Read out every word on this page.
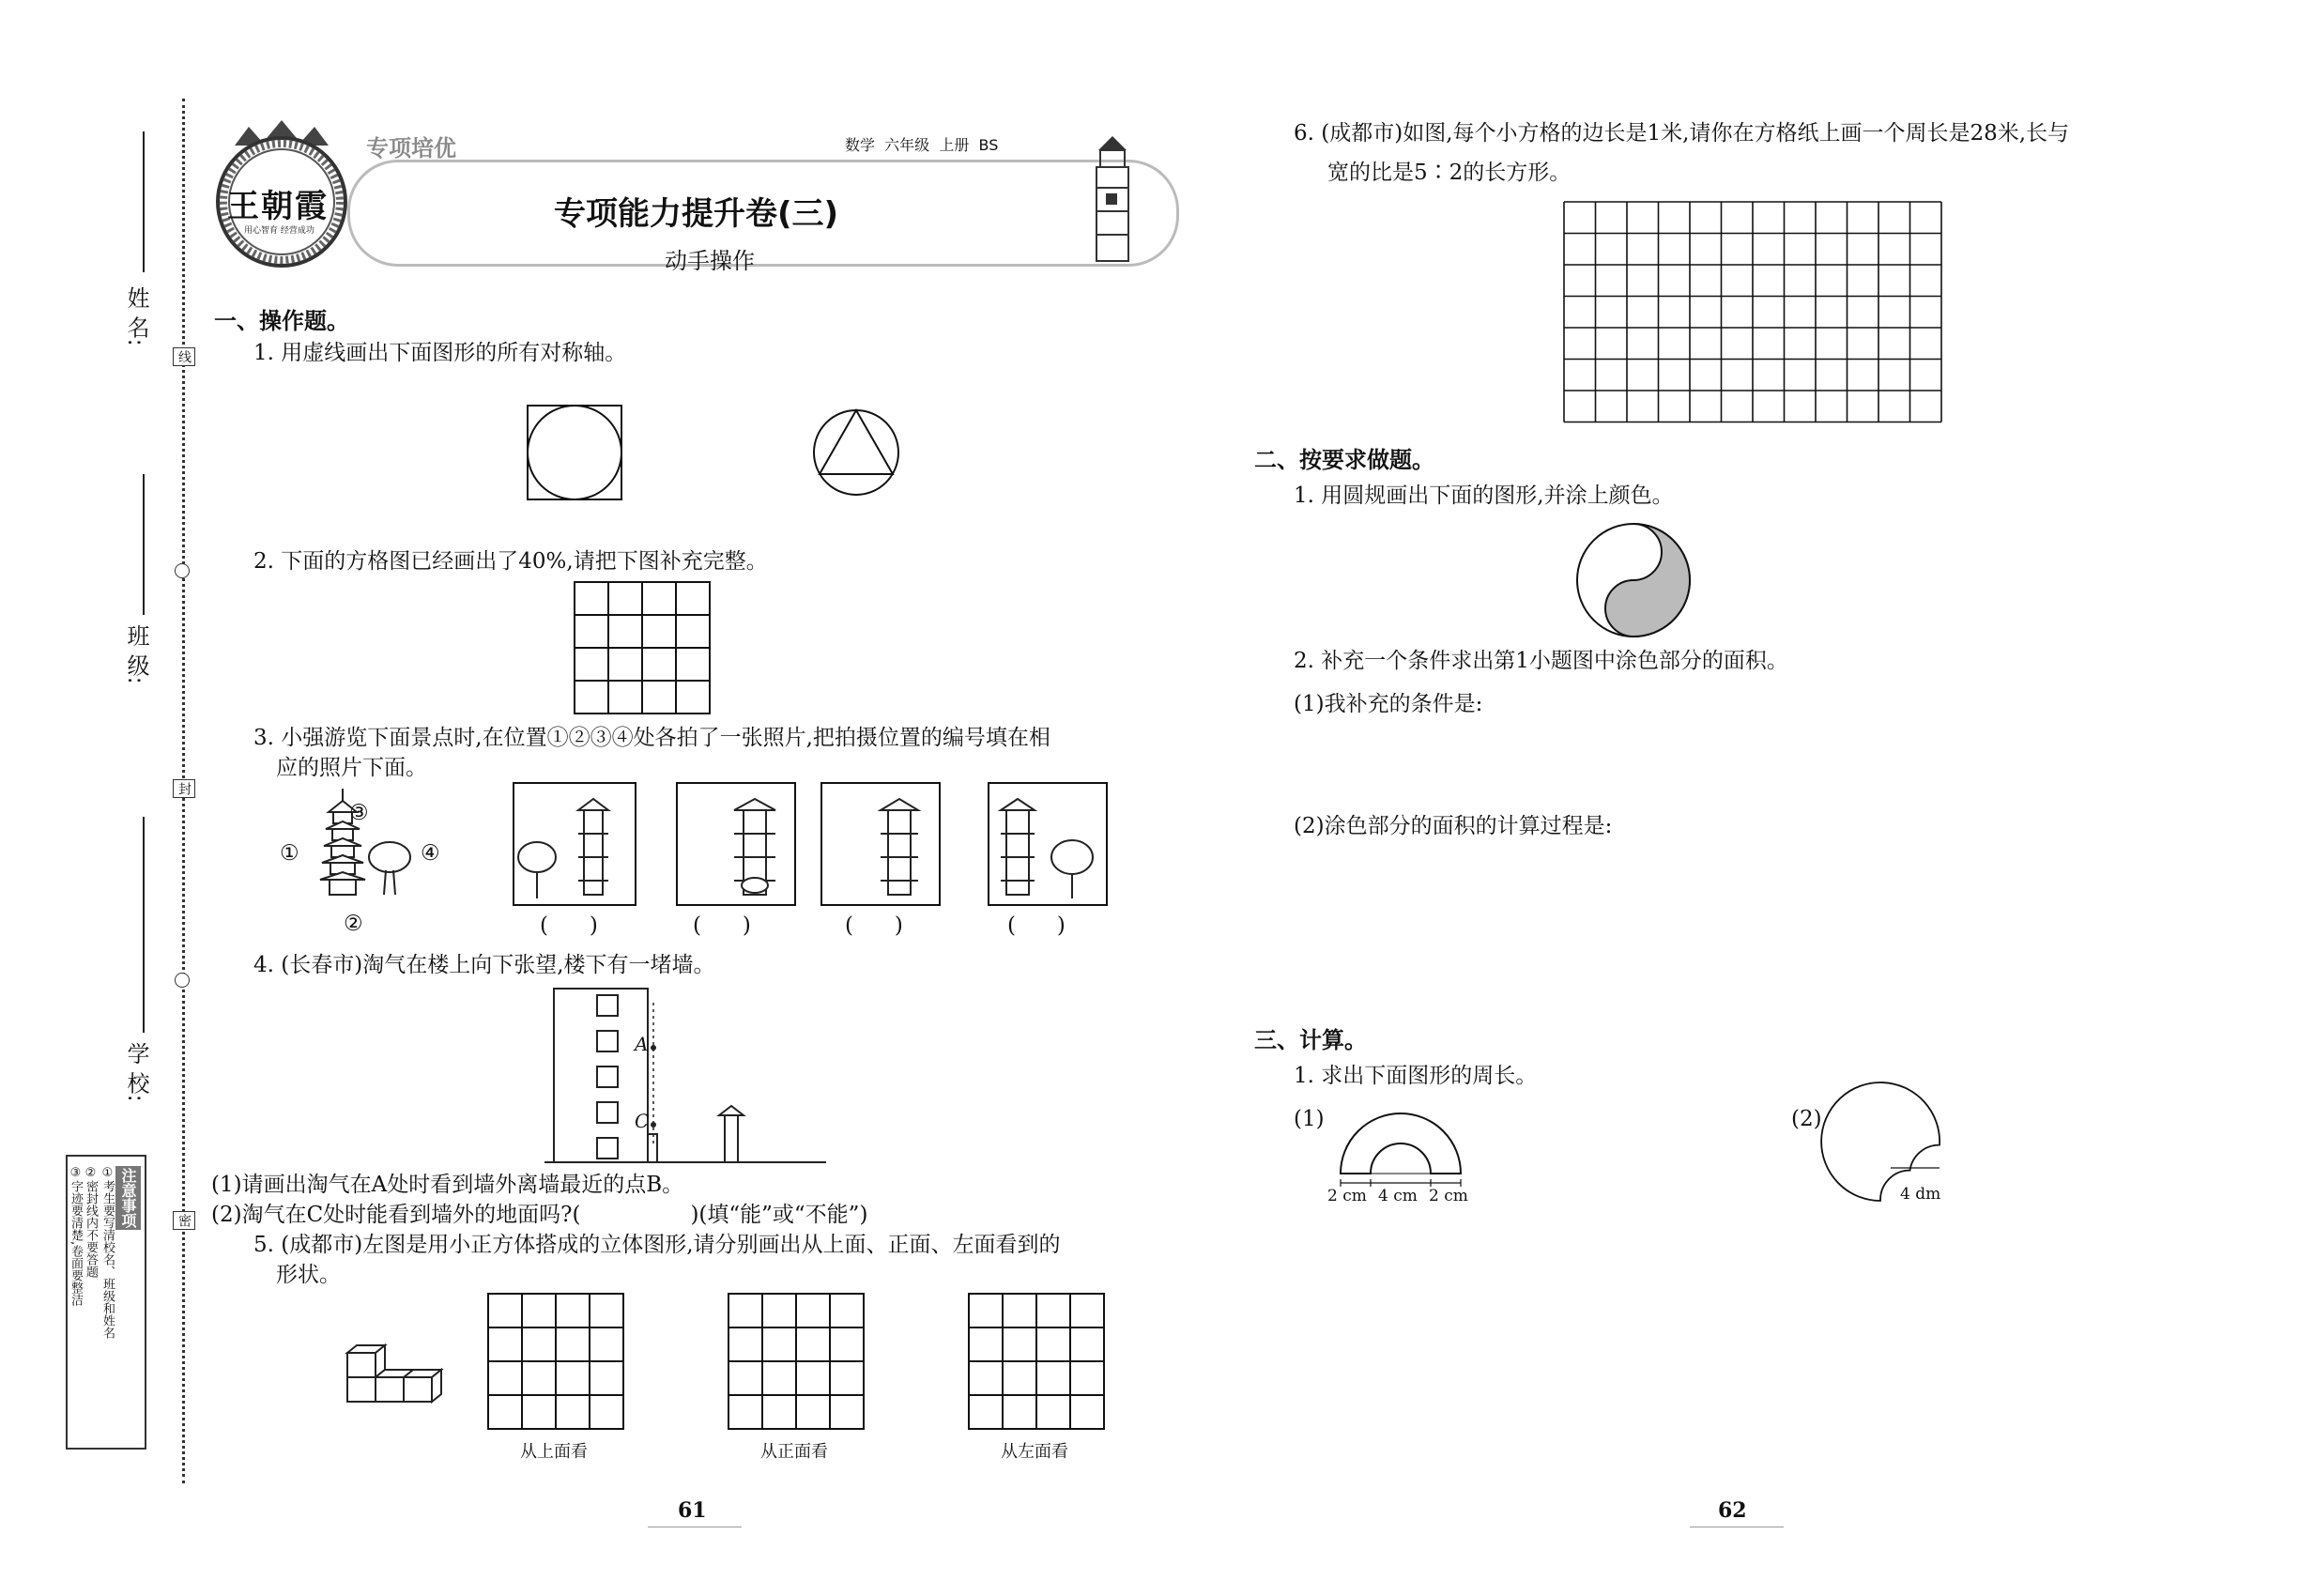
姓 名:
班 级:
学 校:
线
封
密
注意事项
①考生要写清校名、班级和姓名
②密封线内不要答题
③字迹要清楚,卷面要整洁
王朝霞
用心智育 经营成功
专项培优	数学  六年级  上册  BS
专项能力提升卷(三)
动手操作
一、操作题。
1. 用虚线画出下面图形的所有对称轴。
2. 下面的方格图已经画出了40%,请把下图补充完整。
3. 小强游览下面景点时,在位置①②③④处各拍了一张照片,把拍摄位置的编号填在相
应的照片下面。
①
②
③
④
(      )	(      )	(      )	(      )
4. (长春市)淘气在楼上向下张望,楼下有一堵墙。
A
C
(1)请画出淘气在A处时看到墙外离墙最近的点B。
(2)淘气在C处时能看到墙外的地面吗?(                )(填“能”或“不能”)
5. (成都市)左图是用小正方体搭成的立体图形,请分别画出从上面、正面、左面看到的
形状。
从上面看	从正面看	从左面看
61
6. (成都市)如图,每个小方格的边长是1米,请你在方格纸上画一个周长是28米,长与
宽的比是5∶2的长方形。
二、按要求做题。
1. 用圆规画出下面的图形,并涂上颜色。
2. 补充一个条件求出第1小题图中涂色部分的面积。
(1)我补充的条件是:
(2)涂色部分的面积的计算过程是:
三、计算。
1. 求出下面图形的周长。
(1)
2 cm 4 cm 2 cm
(2)
4 dm
62
